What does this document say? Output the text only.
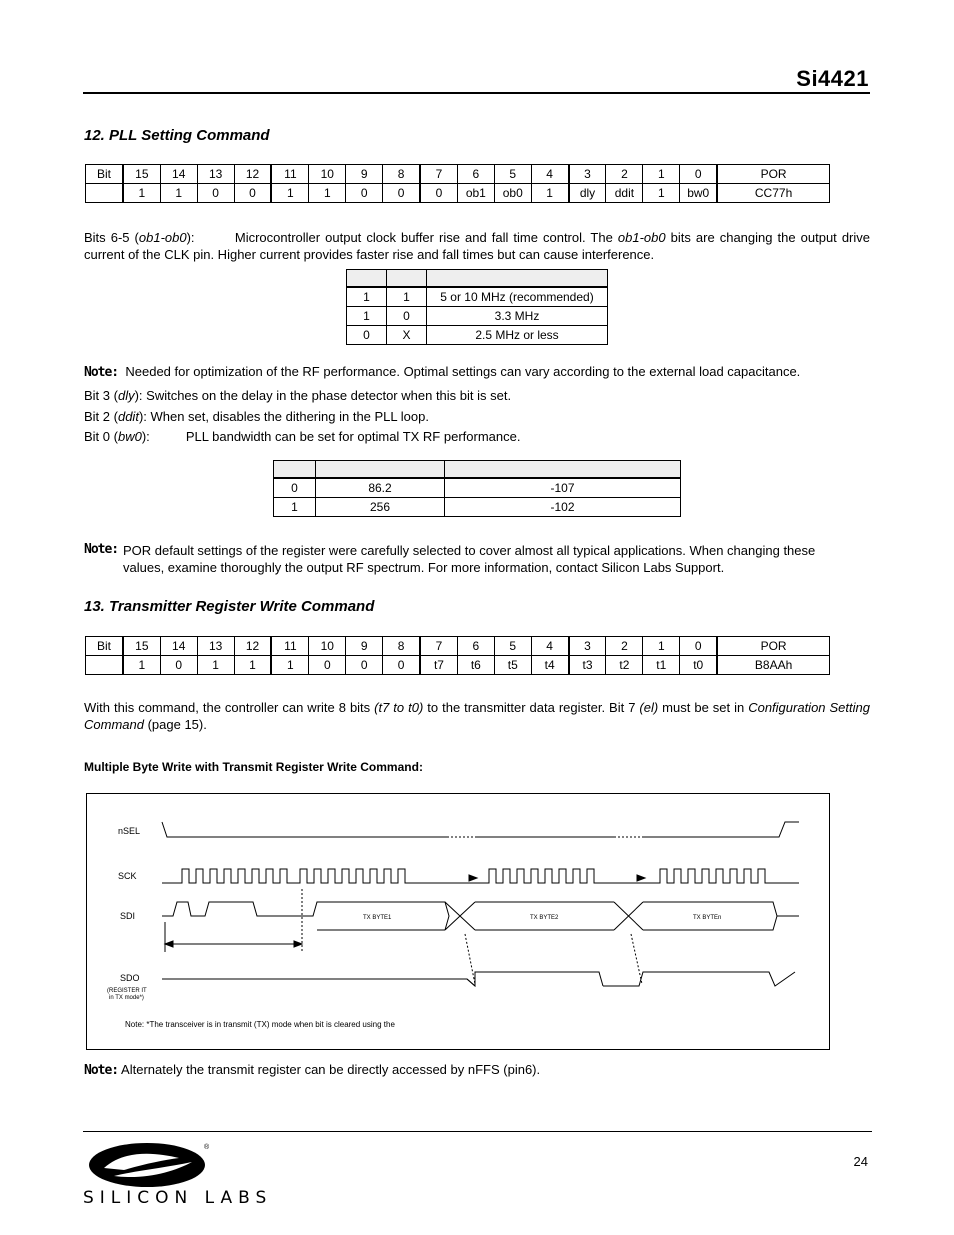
Si4421
12. PLL Setting Command
Bit	15	14	13	12	11	10	9	8	7	6	5	4	3	2	1	0	POR
	1	1	0	0	1	1	0	0	0	ob1	ob0	1	dly	ddit	1	bw0	CC77h

Bits 6-5 (ob1-ob0):	Microcontroller output clock buffer rise and fall time control. The ob1-ob0 bits are changing the output drive current of the CLK pin. Higher current provides faster rise and fall times but can cause interference.

1	1	5 or 10 MHz (recommended)
1	0	3.3 MHz
0	X	2.5 MHz or less

Note: Needed for optimization of the RF performance. Optimal settings can vary according to the external load capacitance.

Bit 3 (dly): Switches on the delay in the phase detector when this bit is set.

Bit 2 (ddit): When set, disables the dithering in the PLL loop.

Bit 0 (bw0):          PLL bandwidth can be set for optimal TX RF performance.

0	86.2	-107
1	256	-102
Note: POR default settings of the register were carefully selected to cover almost all typical applications. When changing these values, examine thoroughly the output RF spectrum. For more information, contact Silicon Labs Support.

13. Transmitter Register Write Command
Bit	15	14	13	12	11	10	9	8	7	6	5	4	3	2	1	0	POR
	1	0	1	1	1	0	0	0	t7	t6	t5	t4	t3	t2	t1	t0	B8AAh

With this command, the controller can write 8 bits (t7 to t0) to the transmitter data register. Bit 7 (el) must be set in Configuration Setting Command (page 15).

Multiple Byte Write with Transmit Register Write Command:
nSEL
SCK
SDI
SDO
(REGISTER IT
in TX mode*)
TX BYTE1	TX BYTE2	TX BYTEn
Note: *The transceiver is in transmit (TX) mode when bit is cleared using the

Note: Alternately the transmit register can be directly accessed by nFFS (pin6).

®
SILICON LABS
24
